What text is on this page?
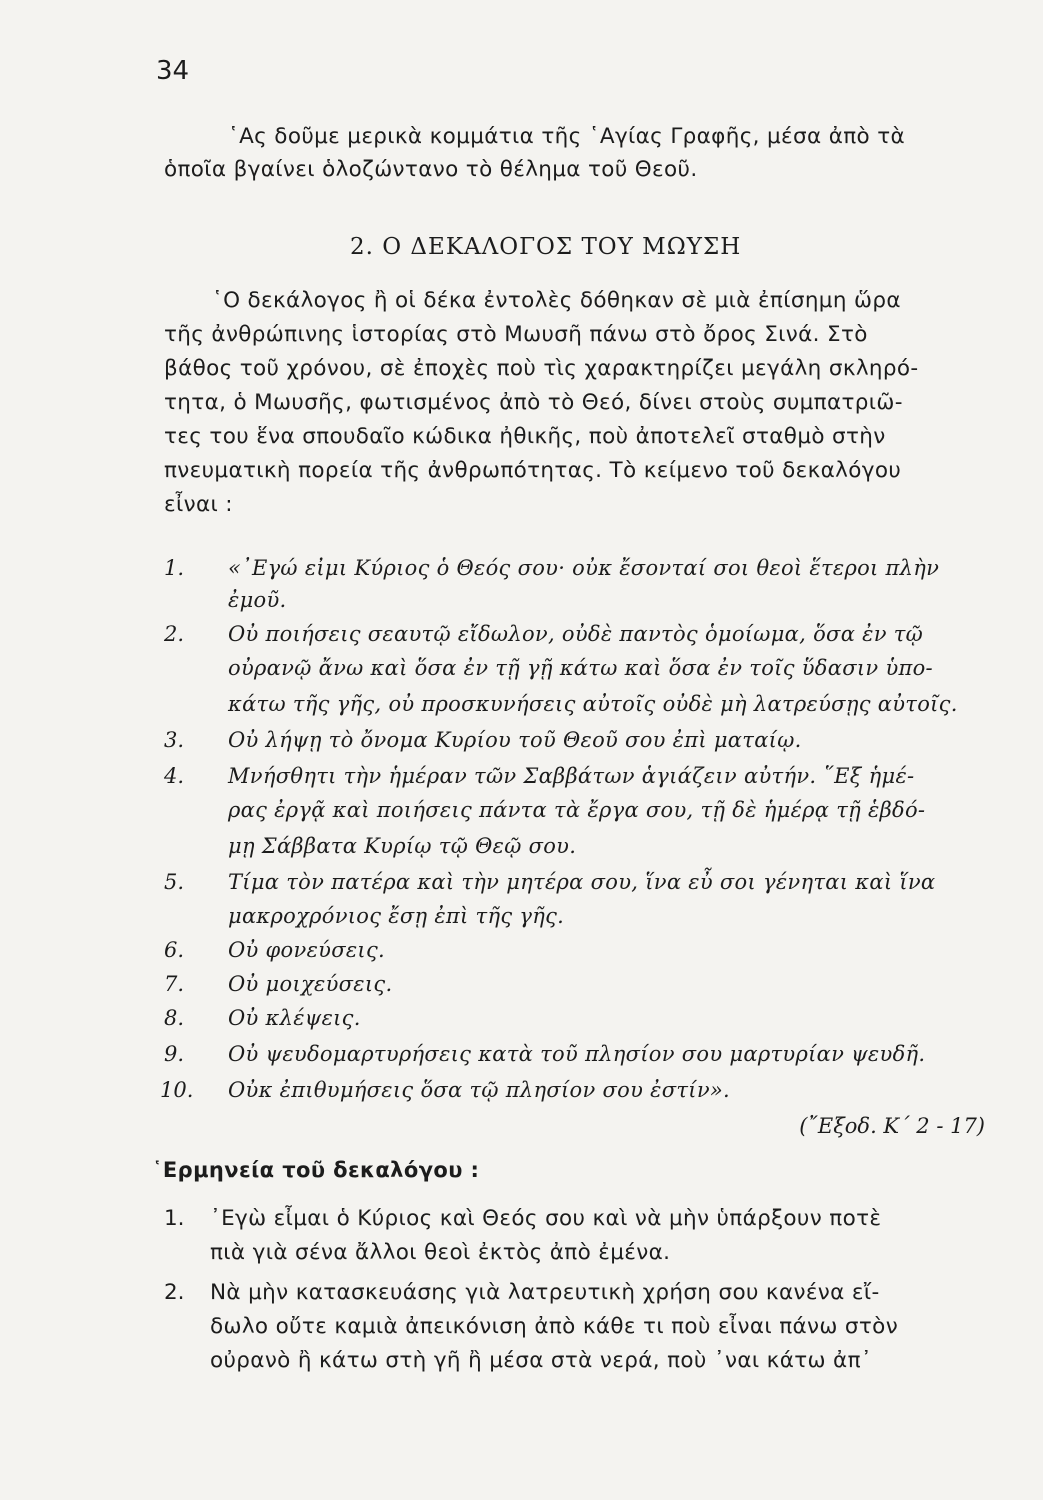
34
῾Ας δοῦμε μερικὰ κομμάτια τῆς ῾Αγίας Γραφῆς, μέσα ἀπὸ τὰ
ὁποῖα βγαίνει ὁλοζώντανο τὸ θέλημα τοῦ Θεοῦ.
2. Ο ΔΕΚΑΛΟΓΟΣ ΤΟΥ ΜΩΥΣΗ
῾Ο δεκάλογος ἢ οἱ δέκα ἐντολὲς δόθηκαν σὲ μιὰ ἐπίσημη ὥρα
τῆς ἀνθρώπινης ἱστορίας στὸ Μωυσῆ πάνω στὸ ὄρος Σινά. Στὸ
βάθος τοῦ χρόνου, σὲ ἐποχὲς ποὺ τὶς χαρακτηρίζει μεγάλη σκληρό-
τητα, ὁ Μωυσῆς, φωτισμένος ἀπὸ τὸ Θεό, δίνει στοὺς συμπατριῶ-
τες του ἕνα σπουδαῖο κώδικα ἠθικῆς, ποὺ ἀποτελεῖ σταθμὸ στὴν
πνευματικὴ πορεία τῆς ἀνθρωπότητας. Τὸ κείμενο τοῦ δεκαλόγου
εἶναι :
1. «᾿Εγώ εἰμι Κύριος ὁ Θεός σου· οὐκ ἔσονταί σοι θεοὶ ἕτεροι πλὴν
ἐμοῦ.
2. Οὐ ποιήσεις σεαυτῷ εἴδωλον, οὐδὲ παντὸς ὁμοίωμα, ὅσα ἐν τῷ
οὐρανῷ ἄνω καὶ ὅσα ἐν τῇ γῇ κάτω καὶ ὅσα ἐν τοῖς ὕδασιν ὑπο-
κάτω τῆς γῆς, οὐ προσκυνήσεις αὐτοῖς οὐδὲ μὴ λατρεύσῃς αὐτοῖς.
3. Οὐ λήψῃ τὸ ὄνομα Κυρίου τοῦ Θεοῦ σου ἐπὶ ματαίῳ.
4. Μνήσθητι τὴν ἡμέραν τῶν Σαββάτων ἁγιάζειν αὐτήν. ῞Εξ ἡμέ-
ρας ἐργᾷ καὶ ποιήσεις πάντα τὰ ἔργα σου, τῇ δὲ ἡμέρᾳ τῇ ἑβδό-
μῃ Σάββατα Κυρίῳ τῷ Θεῷ σου.
5. Τίμα τὸν πατέρα καὶ τὴν μητέρα σου, ἵνα εὖ σοι γένηται καὶ ἵνα
μακροχρόνιος ἔσῃ ἐπὶ τῆς γῆς.
6. Οὐ φονεύσεις.
7. Οὐ μοιχεύσεις.
8. Οὐ κλέψεις.
9. Οὐ ψευδομαρτυρήσεις κατὰ τοῦ πλησίον σου μαρτυρίαν ψευδῆ.
10. Οὐκ ἐπιθυμήσεις ὅσα τῷ πλησίον σου ἐστίν».
(῎Εξοδ. Κ΄ 2 - 17)
῾Ερμηνεία τοῦ δεκαλόγου :
1. ᾿Εγὼ εἶμαι ὁ Κύριος καὶ Θεός σου καὶ νὰ μὴν ὑπάρξουν ποτὲ
πιὰ γιὰ σένα ἄλλοι θεοὶ ἐκτὸς ἀπὸ ἐμένα.
2. Νὰ μὴν κατασκευάσης γιὰ λατρευτικὴ χρήση σου κανένα εἴ-
δωλο οὔτε καμιὰ ἀπεικόνιση ἀπὸ κάθε τι ποὺ εἶναι πάνω στὸν
οὐρανὸ ἢ κάτω στὴ γῆ ἢ μέσα στὰ νερά, ποὺ ᾿ναι κάτω ἀπ᾿
